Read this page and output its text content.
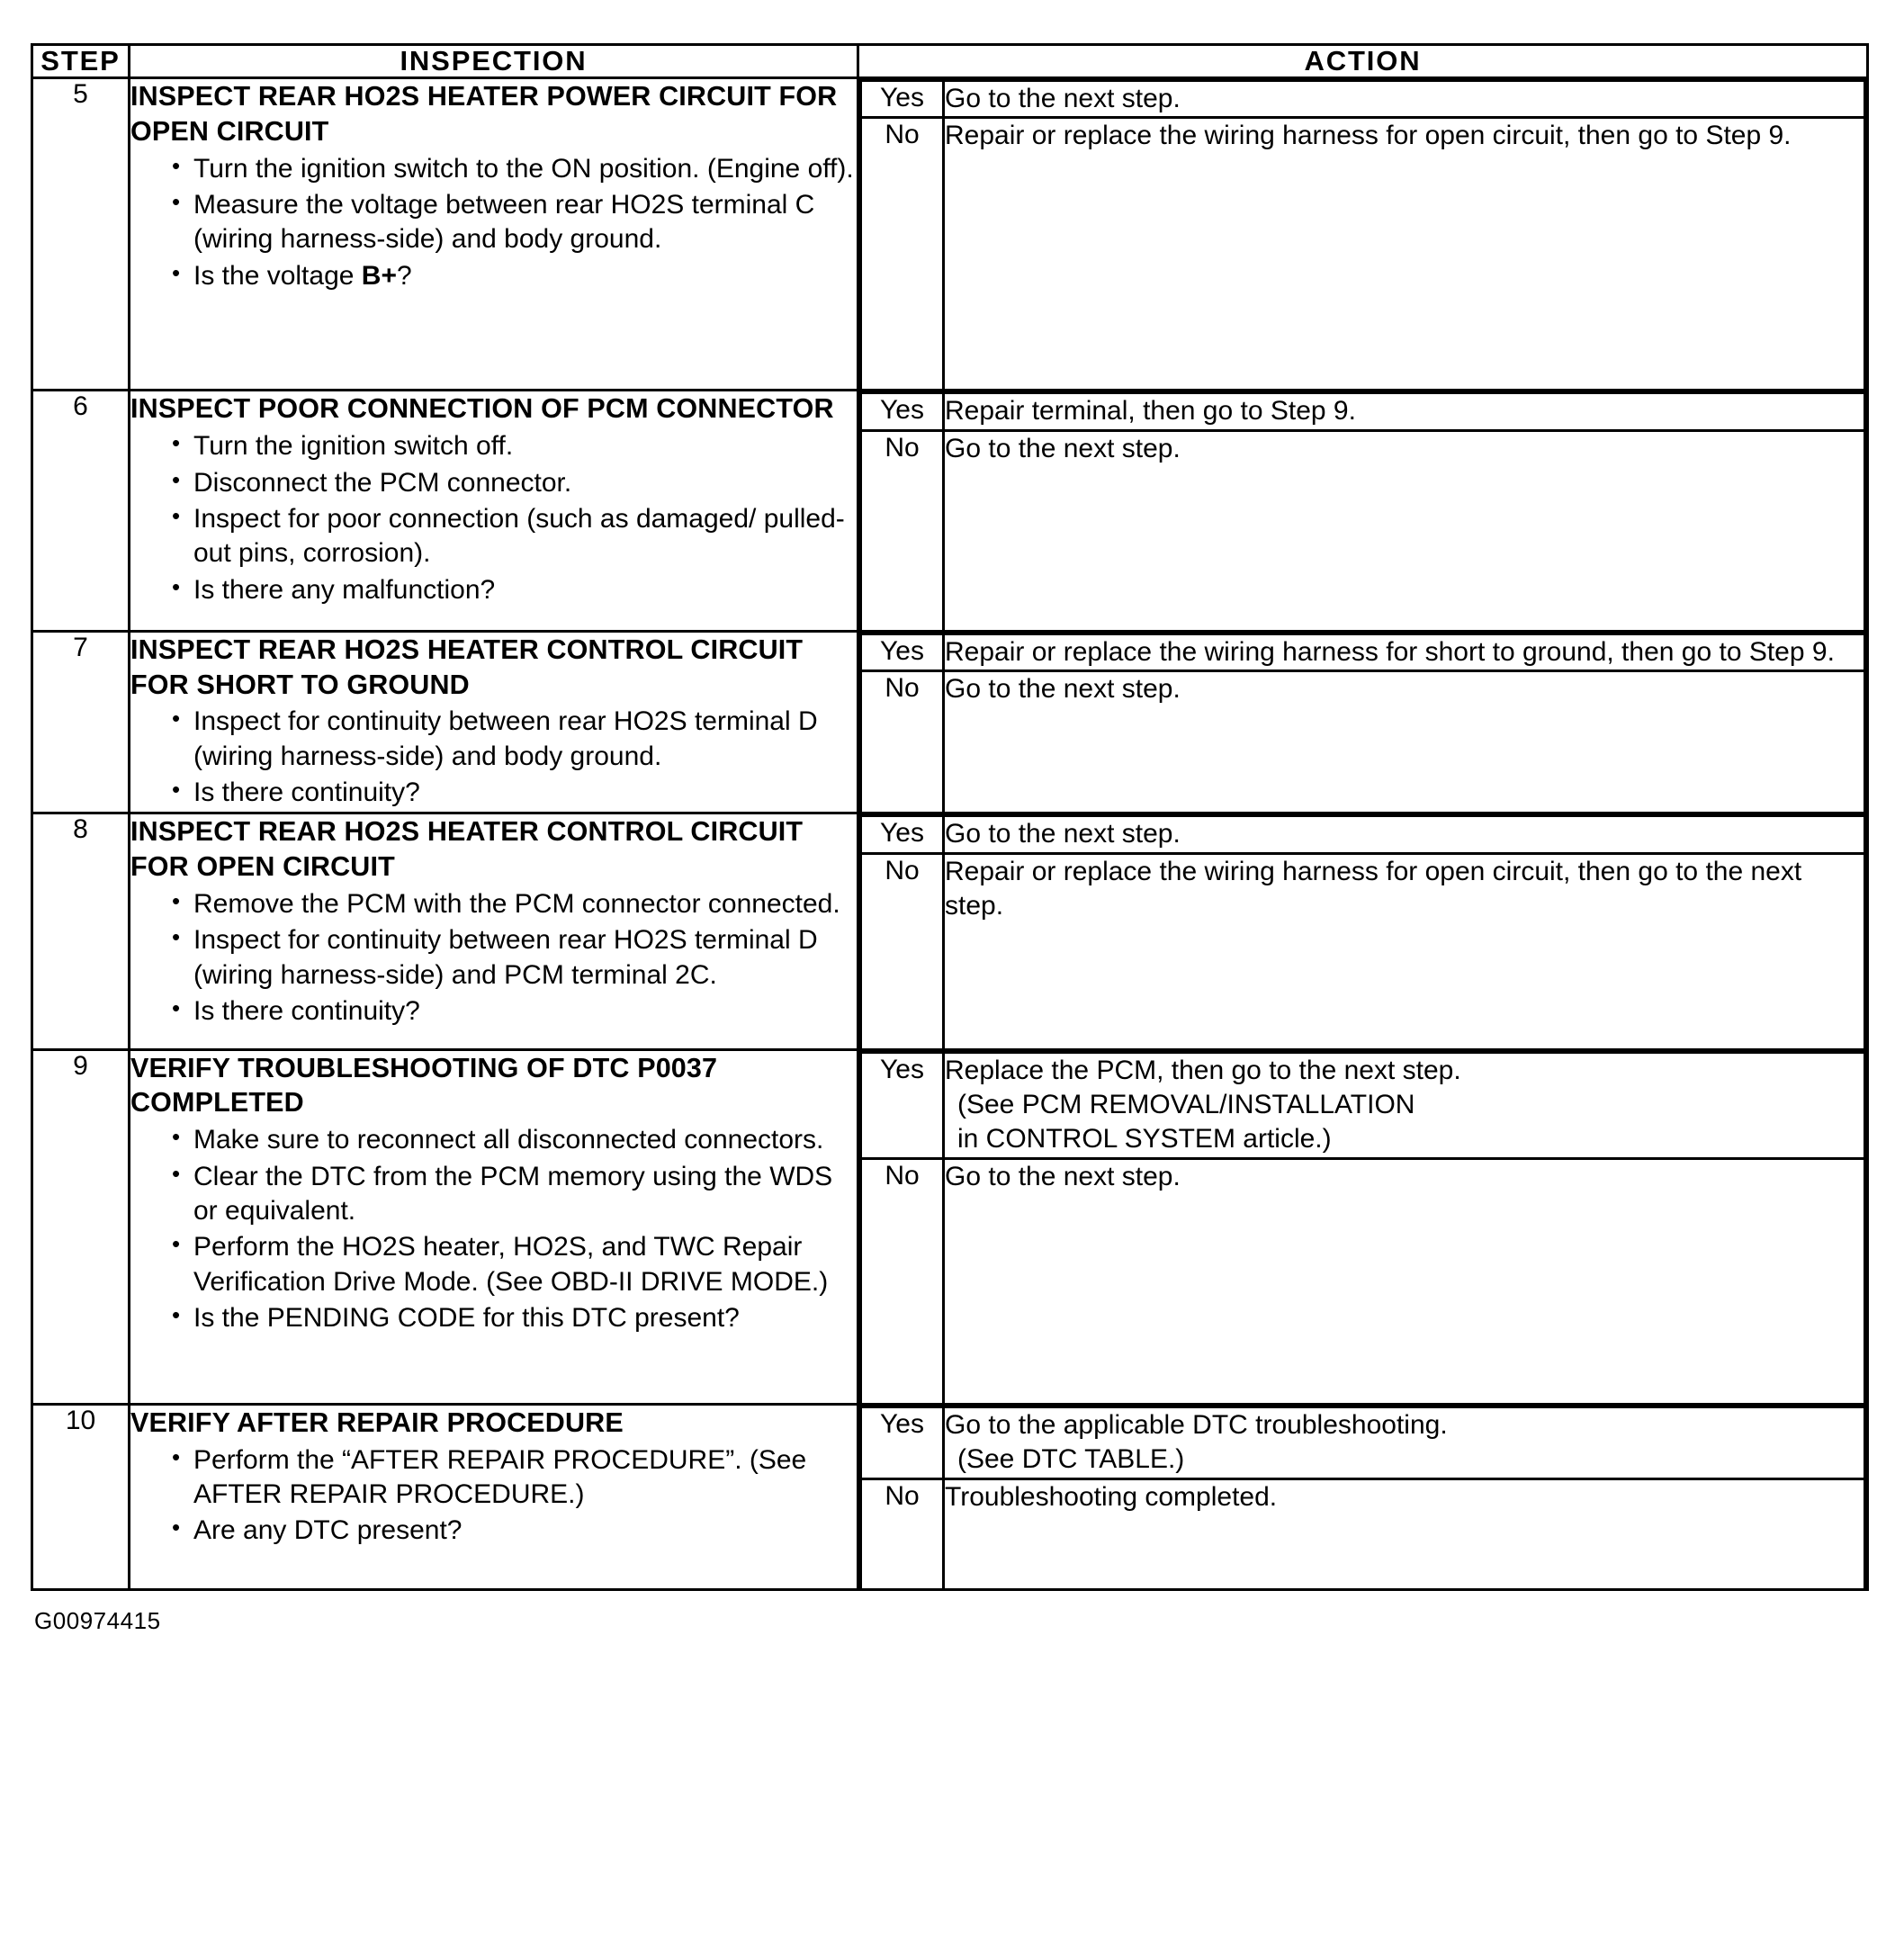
STEP	INSPECTION	ACTION
5	INSPECT REAR HO2S HEATER POWER CIRCUIT FOR OPEN CIRCUIT
• Turn the ignition switch to the ON position. (Engine off).
• Measure the voltage between rear HO2S terminal C (wiring harness-side) and body ground.
• Is the voltage B+?

Yes	Go to the next step.
No	Repair or replace the wiring harness for open circuit, then go to Step 9.

6	INSPECT POOR CONNECTION OF PCM CONNECTOR
• Turn the ignition switch off.
• Disconnect the PCM connector.
• Inspect for poor connection (such as damaged/ pulled-out pins, corrosion).
• Is there any malfunction?

Yes	Repair terminal, then go to Step 9.
No	Go to the next step.

7	INSPECT REAR HO2S HEATER CONTROL CIRCUIT FOR SHORT TO GROUND
• Inspect for continuity between rear HO2S terminal D (wiring harness-side) and body ground.
• Is there continuity?

Yes	Repair or replace the wiring harness for short to ground, then go to Step 9.
No	Go to the next step.

8	INSPECT REAR HO2S HEATER CONTROL CIRCUIT FOR OPEN CIRCUIT
• Remove the PCM with the PCM connector connected.
• Inspect for continuity between rear HO2S terminal D (wiring harness-side) and PCM terminal 2C.
• Is there continuity?

Yes	Go to the next step.
No	Repair or replace the wiring harness for open circuit, then go to the next step.

9	VERIFY TROUBLESHOOTING OF DTC P0037 COMPLETED
• Make sure to reconnect all disconnected connectors.
• Clear the DTC from the PCM memory using the WDS or equivalent.
• Perform the HO2S heater, HO2S, and TWC Repair Verification Drive Mode. (See OBD-II DRIVE MODE.)
• Is the PENDING CODE for this DTC present?

Yes	Replace the PCM, then go to the next step.
(See PCM REMOVAL/INSTALLATION
in CONTROL SYSTEM article.)

No	Go to the next step.

10	VERIFY AFTER REPAIR PROCEDURE
• Perform the “AFTER REPAIR PROCEDURE”. (See AFTER REPAIR PROCEDURE.)
• Are any DTC present?

Yes	Go to the applicable DTC troubleshooting.
(See DTC TABLE.)

No	Troubleshooting completed.
G00974415
